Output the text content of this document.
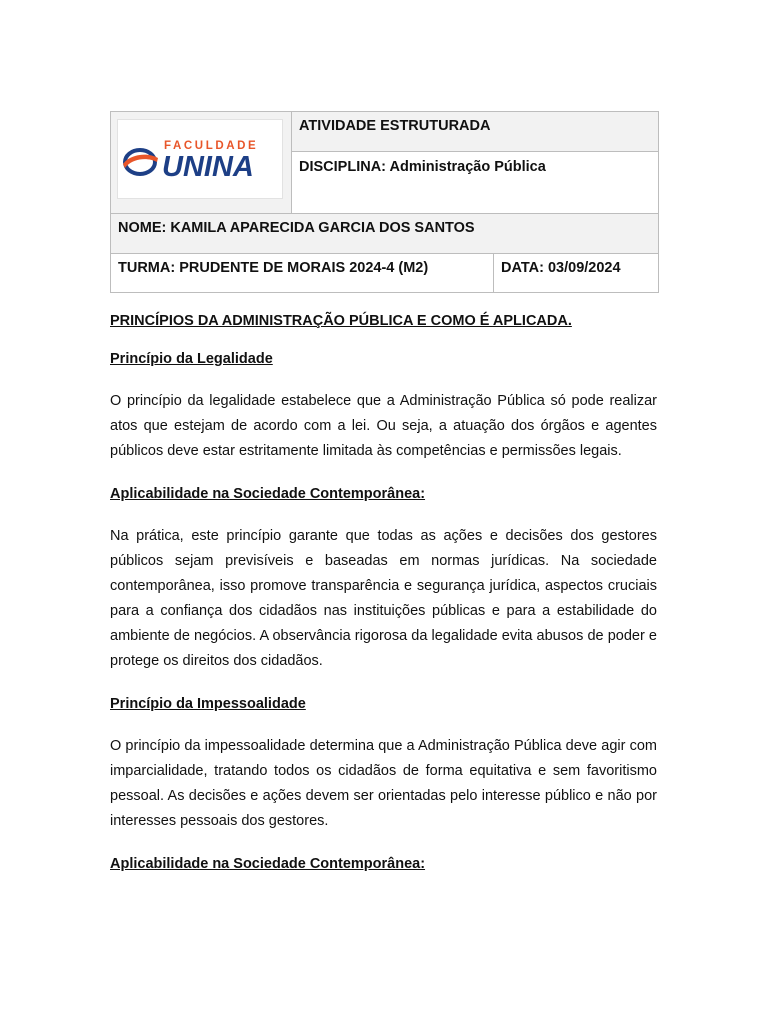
FACULDADE
UNINA	ATIVIDADE ESTRUTURADA	
	DISCIPLINA: Administração Pública	
NOME: KAMILA APARECIDA GARCIA DOS SANTOS		
TURMA: PRUDENTE DE MORAIS 2024-4 (M2)		DATA: 03/09/2024
PRINCÍPIOS DA ADMINISTRAÇÃO PÚBLICA E COMO É APLICADA.
Princípio da Legalidade

O princípio da legalidade estabelece que a Administração Pública só pode realizar atos que estejam de acordo com a lei. Ou seja, a atuação dos órgãos e agentes públicos deve estar estritamente limitada às competências e permissões legais.

Aplicabilidade na Sociedade Contemporânea:

Na prática, este princípio garante que todas as ações e decisões dos gestores públicos sejam previsíveis e baseadas em normas jurídicas. Na sociedade contemporânea, isso promove transparência e segurança jurídica, aspectos cruciais para a confiança dos cidadãos nas instituições públicas e para a estabilidade do ambiente de negócios. A observância rigorosa da legalidade evita abusos de poder e protege os direitos dos cidadãos.

Princípio da Impessoalidade

O princípio da impessoalidade determina que a Administração Pública deve agir com imparcialidade, tratando todos os cidadãos de forma equitativa e sem favoritismo pessoal. As decisões e ações devem ser orientadas pelo interesse público e não por interesses pessoais dos gestores.

Aplicabilidade na Sociedade Contemporânea:
